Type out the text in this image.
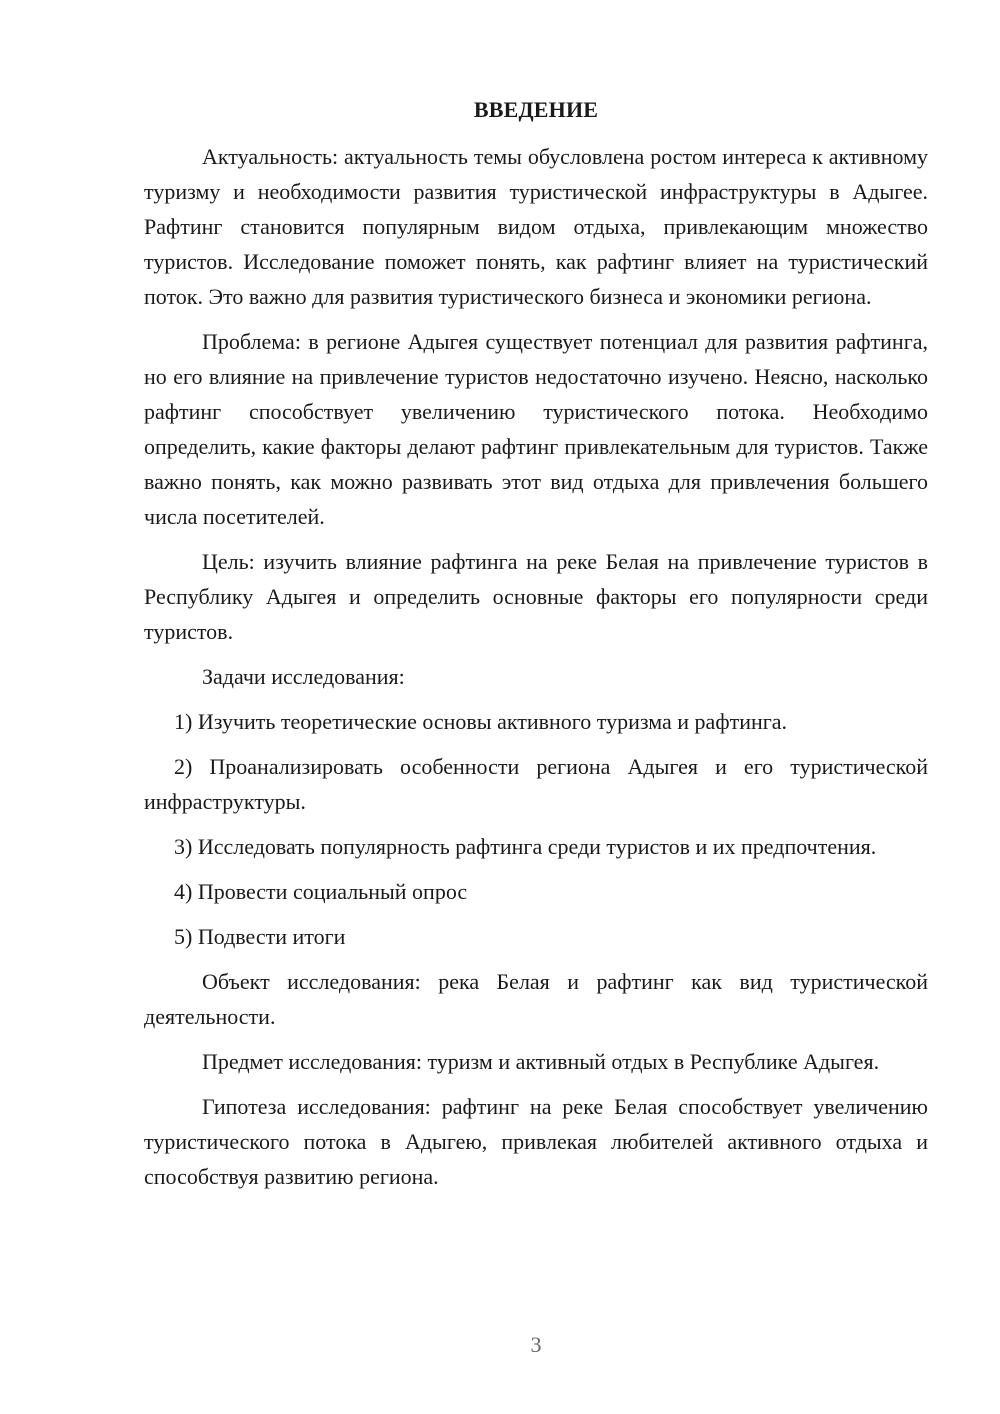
ВВЕДЕНИЕ

Актуальность: актуальность темы обусловлена ростом интереса к активному туризму и необходимости развития туристической инфраструктуры в Адыгее. Рафтинг становится популярным видом отдыха, привлекающим множество туристов. Исследование поможет понять, как рафтинг влияет на туристический поток. Это важно для развития туристического бизнеса и экономики региона.

Проблема: в регионе Адыгея существует потенциал для развития рафтинга, но его влияние на привлечение туристов недостаточно изучено. Неясно, насколько рафтинг способствует увеличению туристического потока. Необходимо определить, какие факторы делают рафтинг привлекательным для туристов. Также важно понять, как можно развивать этот вид отдыха для привлечения большего числа посетителей.

Цель: изучить влияние рафтинга на реке Белая на привлечение туристов в Республику Адыгея и определить основные факторы его популярности среди туристов.

Задачи исследования:

1) Изучить теоретические основы активного туризма и рафтинга.

2) Проанализировать особенности региона Адыгея и его туристической инфраструктуры.

3) Исследовать популярность рафтинга среди туристов и их предпочтения.

4) Провести социальный опрос

5) Подвести итоги

Объект исследования: река Белая и рафтинг как вид туристической деятельности.

Предмет исследования: туризм и активный отдых в Республике Адыгея.

Гипотеза исследования: рафтинг на реке Белая способствует увеличению туристического потока в Адыгею, привлекая любителей активного отдыха и способствуя развитию региона.

3
